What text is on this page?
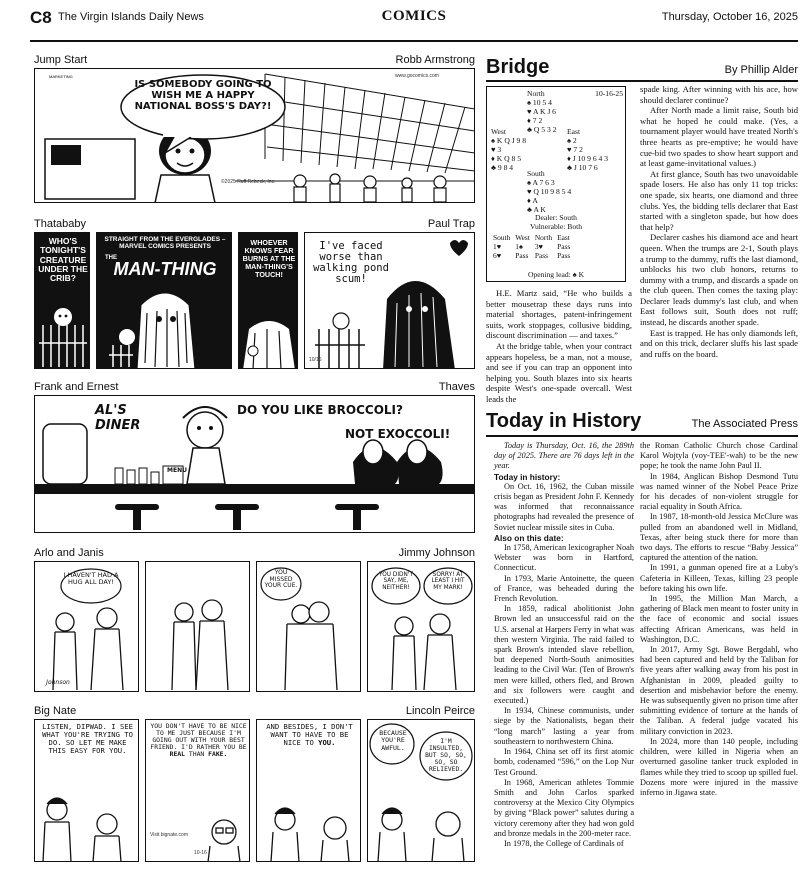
C8 The Virgin Islands Daily News	COMICS	Thursday, October 16, 2025
Jump Start	Robb Armstrong
MARKETING
IS SOMEBODY GOING TO WISH ME A HAPPY NATIONAL BOSS'S DAY?!
©2025 Ruff Rebeck, Inc.
www.gocomics.com
Thatababy	Paul Trap
WHO'S TONIGHT'S CREATURE UNDER THE CRIB?
STRAIGHT FROM THE EVERGLADES – MARVEL COMICS PRESENTS
THE
MAN-THING
WHOEVER KNOWS FEAR BURNS AT THE MAN-THING'S TOUCH!
I've faced worse than walking pond scum!
10/16
Frank and Ernest	Thaves
AL'S DINER
MENU
DO YOU LIKE BROCCOLI?
NOT EXOCCOLI!
Arlo and Janis	Jimmy Johnson
I HAVEN'T HAD A HUG ALL DAY!
Johnson
YOU MISSED YOUR CUE.
YOU DIDN'T SAY, ME, NEITHER!
SORRY! AT LEAST I HIT MY MARK!
Big Nate	Lincoln Peirce
LISTEN, DIPWAD. I SEE WHAT YOU'RE TRYING TO DO. SO LET ME MAKE THIS EASY FOR YOU.
YOU DON'T HAVE TO BE NICE TO ME JUST BECAUSE I'M GOING OUT WITH YOUR BEST FRIEND. I'D RATHER YOU BE REAL THAN FAKE.
Visit bignate.com
10-16
AND BESIDES, I DON'T WANT TO HAVE TO BE NICE TO YOU.
BECAUSE YOU'RE AWFUL.
I'M INSULTED, BUT SO, SO, SO, SO RELIEVED.
Bridge	By Phillip Alder
North	10-16-25
♠ 10 5 4
♥ A K J 6
♦ 7 2
♣ Q 5 3 2
West
♠ K Q J 9 8
♥ 3
♦ K Q 8 5
♣ 9 8 4
East
♠ 2
♥ 7 2
♦ J 10 9 6 4 3
♣ J 10 7 6
South
♠ A 7 6 3
♥ Q 10 9 8 5 4
♦ A
♣ A K
Dealer: South
Vulnerable: Both
South	West	North	East
1♥	1♠	3♥	Pass
6♥	Pass	Pass	Pass
Opening lead: ♠ K

H.E. Martz said, “He who builds a better mousetrap these days runs into material shortages, patent-infringement suits, work stoppages, collusive bidding, discount discrimination — and taxes.”

At the bridge table, when your contract appears hopeless, be a man, not a mouse, and see if you can trap an opponent into helping you. South blazes into six hearts despite West's one-spade overcall. West leads the

spade king. After winning with his ace, how should declarer continue?

After North made a limit raise, South bid what he hoped he could make. (Yes, a tournament player would have treated North's three hearts as pre-emptive; he would have cue-bid two spades to show heart support and at least game-invitational values.)

At first glance, South has two unavoidable spade losers. He also has only 11 top tricks: one spade, six hearts, one diamond and three clubs. Yes, the bidding tells declarer that East started with a singleton spade, but how does that help?

Declarer cashes his diamond ace and heart queen. When the trumps are 2-1, South plays a trump to the dummy, ruffs the last diamond, unblocks his two club honors, returns to dummy with a trump, and discards a spade on the club queen. Then comes the taxing play: Declarer leads dummy's last club, and when East follows suit, South does not ruff; instead, he discards another spade.

East is trapped. He has only diamonds left, and on this trick, declarer sluffs his last spade and ruffs on the board.

Today in History	The Associated Press

Today is Thursday, Oct. 16, the 289th day of 2025. There are 76 days left in the year.

Today in history:

On Oct. 16, 1962, the Cuban missile crisis began as President John F. Kennedy was informed that reconnaissance photographs had revealed the presence of Soviet nuclear missile sites in Cuba.

Also on this date:

In 1758, American lexicographer Noah Webster was born in Hartford, Connecticut.

In 1793, Marie Antoinette, the queen of France, was beheaded during the French Revolution.

In 1859, radical abolitionist John Brown led an unsuccessful raid on the U.S. arsenal at Harpers Ferry in what was then western Virginia. The raid failed to spark Brown's intended slave rebellion, but deepened North-South animosities leading to the Civil War. (Ten of Brown's men were killed, others fled, and Brown and six followers were caught and executed.)

In 1934, Chinese communists, under siege by the Nationalists, began their “long march” lasting a year from southeastern to northwestern China.

In 1964, China set off its first atomic bomb, codenamed “596,” on the Lop Nur Test Ground.

In 1968, American athletes Tommie Smith and John Carlos sparked controversy at the Mexico City Olympics by giving “Black power” salutes during a victory ceremony after they had won gold and bronze medals in the 200-meter race.

In 1978, the College of Cardinals of

the Roman Catholic Church chose Cardinal Karol Wojtyla (voy-TEE'-wah) to be the new pope; he took the name John Paul II.

In 1984, Anglican Bishop Desmond Tutu was named winner of the Nobel Peace Prize for his decades of non-violent struggle for racial equality in South Africa.

In 1987, 18-month-old Jessica McClure was pulled from an abandoned well in Midland, Texas, after being stuck there for more than two days. The efforts to rescue “Baby Jessica” captured the attention of the nation.

In 1991, a gunman opened fire at a Luby's Cafeteria in Killeen, Texas, killing 23 people before taking his own life.

In 1995, the Million Man March, a gathering of Black men meant to foster unity in the face of economic and social issues affecting African Americans, was held in Washington, D.C.

In 2017, Army Sgt. Bowe Bergdahl, who had been captured and held by the Taliban for five years after walking away from his post in Afghanistan in 2009, pleaded guilty to desertion and misbehavior before the enemy. He was subsequently given no prison time after submitting evidence of torture at the hands of the Taliban. A federal judge vacated his military conviction in 2023.

In 2024, more than 140 people, including children, were killed in Nigeria when an overturned gasoline tanker truck exploded in flames while they tried to scoop up spilled fuel. Dozens more were injured in the massive inferno in Jigawa state.
